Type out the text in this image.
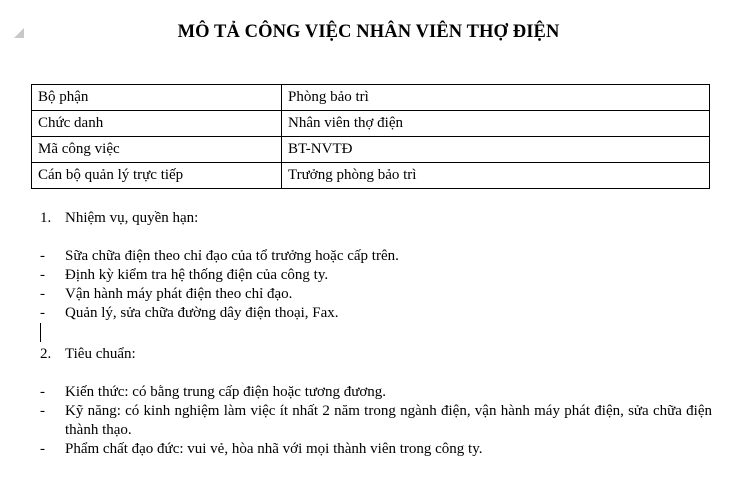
MÔ TẢ CÔNG VIỆC NHÂN VIÊN THỢ ĐIỆN
Bộ phận	Phòng bảo trì
Chức danh	Nhân viên thợ điện
Mã công việc	BT-NVTĐ
Cán bộ quản lý trực tiếp	Trưởng phòng bảo trì
1. Nhiệm vụ, quyền hạn:
- Sữa chữa điện theo chỉ đạo của tổ trưởng hoặc cấp trên.
- Định kỳ kiểm tra hệ thống điện của công ty.
- Vận hành máy phát điện theo chỉ đạo.
- Quản lý, sửa chữa đường dây điện thoại, Fax.
2. Tiêu chuẩn:
- Kiến thức: có bằng trung cấp điện hoặc tương đương.
- Kỹ năng: có kinh nghiệm làm việc ít nhất 2 năm trong ngành điện, vận hành máy phát điện, sửa chữa điện thành thạo.
- Phẩm chất đạo đức: vui vẻ, hòa nhã với mọi thành viên trong công ty.
